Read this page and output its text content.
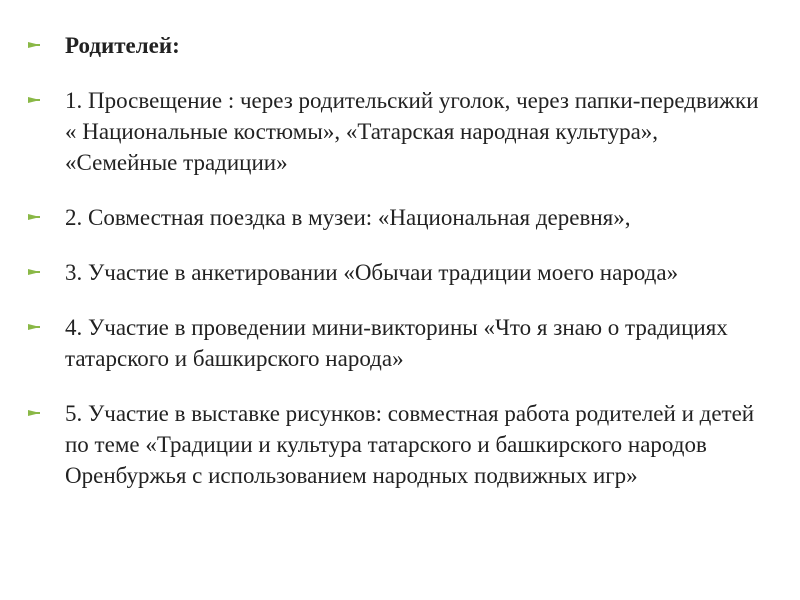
Родителей:
1. Просвещение : через родительский уголок, через папки-передвижки « Национальные костюмы», «Татарская народная культура», «Семейные традиции»
2. Совместная поездка в музеи: «Национальная деревня»,
3. Участие в анкетировании «Обычаи традиции моего народа»
4. Участие в проведении мини-викторины «Что я знаю о традициях татарского и башкирского народа»
5. Участие в выставке рисунков: совместная работа родителей и детей по теме «Традиции и культура татарского и башкирского народов Оренбуржья с использованием народных подвижных игр»
